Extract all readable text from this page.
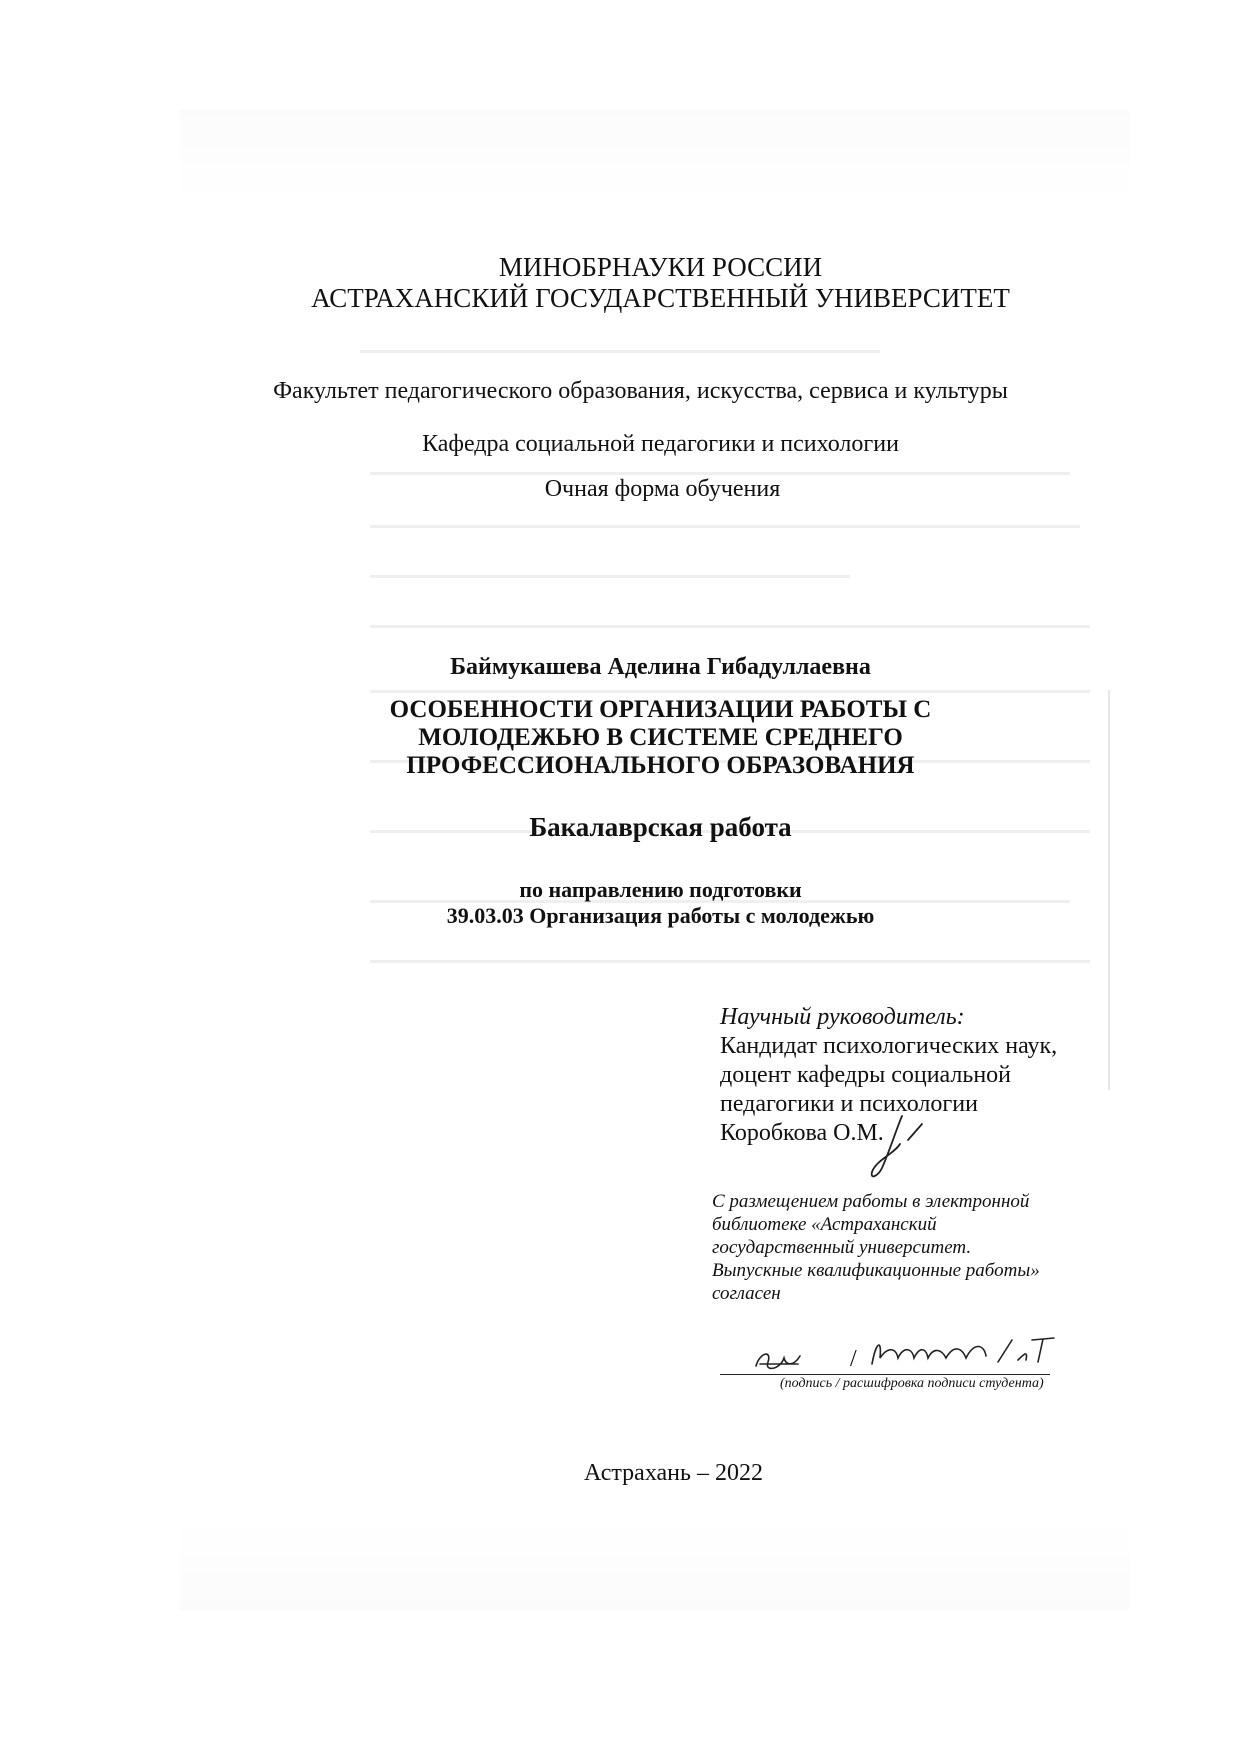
МИНОБРНАУКИ РОССИИ
АСТРАХАНСКИЙ ГОСУДАРСТВЕННЫЙ УНИВЕРСИТЕТ
Факультет педагогического образования, искусства, сервиса и культуры
Кафедра социальной педагогики и психологии
Очная форма обучения
Баймукашева Аделина Гибадуллаевна
ОСОБЕННОСТИ ОРГАНИЗАЦИИ РАБОТЫ С
МОЛОДЕЖЬЮ В СИСТЕМЕ СРЕДНЕГО
ПРОФЕССИОНАЛЬНОГО ОБРАЗОВАНИЯ
Бакалаврская работа
по направлению подготовки
39.03.03 Организация работы с молодежью
Научный руководитель:
Кандидат психологических наук,
доцент кафедры социальной
педагогики и психологии
Коробкова О.М.
С размещением работы в электронной
библиотеке «Астраханский
государственный университет.
Выпускные квалификационные работы»
согласен
/
(подпись / расшифровка подписи студента)
Астрахань – 2022
